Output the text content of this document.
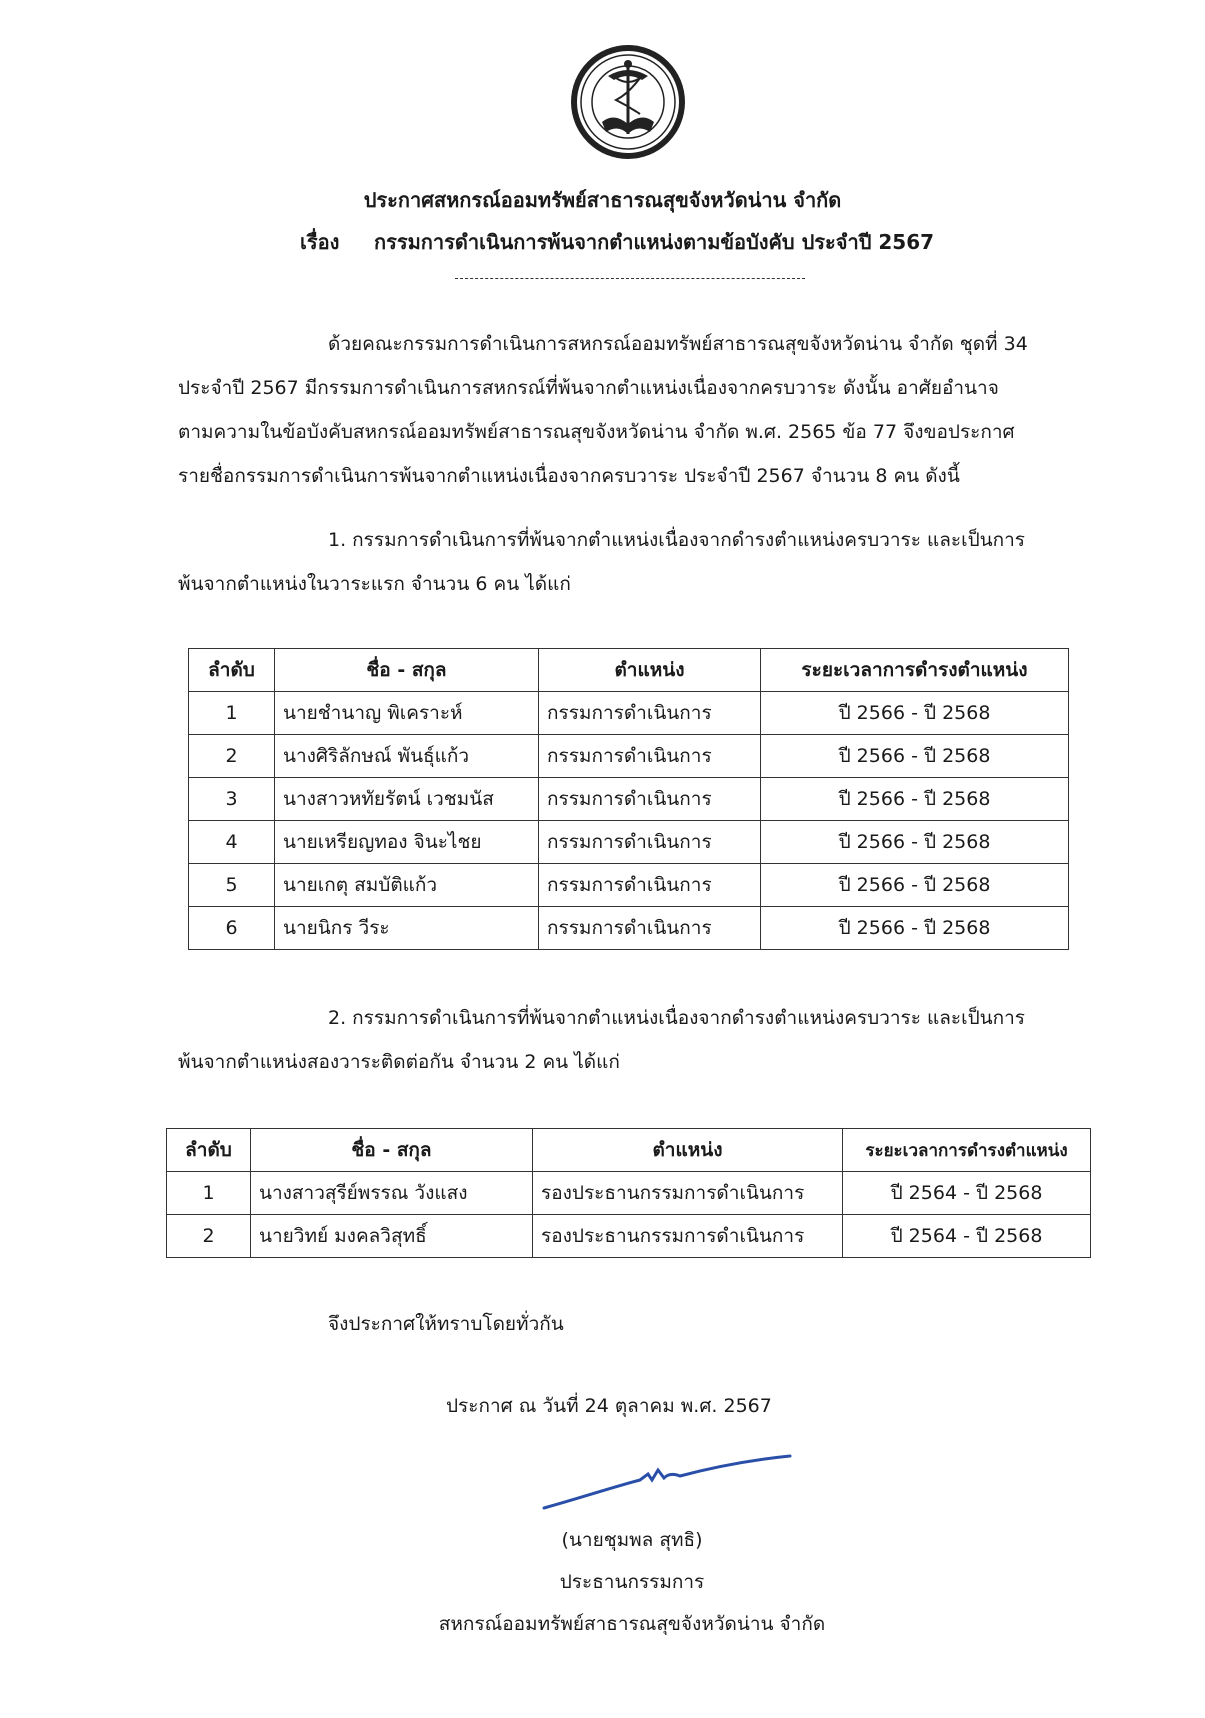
ประกาศสหกรณ์ออมทรัพย์สาธารณสุขจังหวัดน่าน จำกัด
เรื่อง กรรมการดำเนินการพ้นจากตำแหน่งตามข้อบังคับ ประจำปี 2567
ด้วยคณะกรรมการดำเนินการสหกรณ์ออมทรัพย์สาธารณสุขจังหวัดน่าน จำกัด ชุดที่ 34
ประจำปี 2567 มีกรรมการดำเนินการสหกรณ์ที่พ้นจากตำแหน่งเนื่องจากครบวาระ ดังนั้น อาศัยอำนาจ
ตามความในข้อบังคับสหกรณ์ออมทรัพย์สาธารณสุขจังหวัดน่าน จำกัด พ.ศ. 2565 ข้อ 77 จึงขอประกาศ
รายชื่อกรรมการดำเนินการพ้นจากตำแหน่งเนื่องจากครบวาระ ประจำปี 2567 จำนวน 8 คน ดังนี้
1. กรรมการดำเนินการที่พ้นจากตำแหน่งเนื่องจากดำรงตำแหน่งครบวาระ และเป็นการ
พ้นจากตำแหน่งในวาระแรก จำนวน 6 คน ได้แก่
ลำดับ	ชื่อ - สกุล	ตำแหน่ง	ระยะเวลาการดำรงตำแหน่ง
1	นายชำนาญ พิเคราะห์	กรรมการดำเนินการ	ปี 2566 - ปี 2568
2	นางศิริลักษณ์ พันธุ์แก้ว	กรรมการดำเนินการ	ปี 2566 - ปี 2568
3	นางสาวหทัยรัตน์ เวชมนัส	กรรมการดำเนินการ	ปี 2566 - ปี 2568
4	นายเหรียญทอง จินะไชย	กรรมการดำเนินการ	ปี 2566 - ปี 2568
5	นายเกตุ สมบัติแก้ว	กรรมการดำเนินการ	ปี 2566 - ปี 2568
6	นายนิกร วีระ	กรรมการดำเนินการ	ปี 2566 - ปี 2568
2. กรรมการดำเนินการที่พ้นจากตำแหน่งเนื่องจากดำรงตำแหน่งครบวาระ และเป็นการ
พ้นจากตำแหน่งสองวาระติดต่อกัน จำนวน 2 คน ได้แก่
ลำดับ	ชื่อ - สกุล	ตำแหน่ง	ระยะเวลาการดำรงตำแหน่ง
1	นางสาวสุรีย์พรรณ วังแสง	รองประธานกรรมการดำเนินการ	ปี 2564 - ปี 2568
2	นายวิทย์ มงคลวิสุทธิ์	รองประธานกรรมการดำเนินการ	ปี 2564 - ปี 2568
จึงประกาศให้ทราบโดยทั่วกัน
ประกาศ ณ วันที่ 24 ตุลาคม พ.ศ. 2567
(นายชุมพล สุทธิ)
ประธานกรรมการ
สหกรณ์ออมทรัพย์สาธารณสุขจังหวัดน่าน จำกัด
